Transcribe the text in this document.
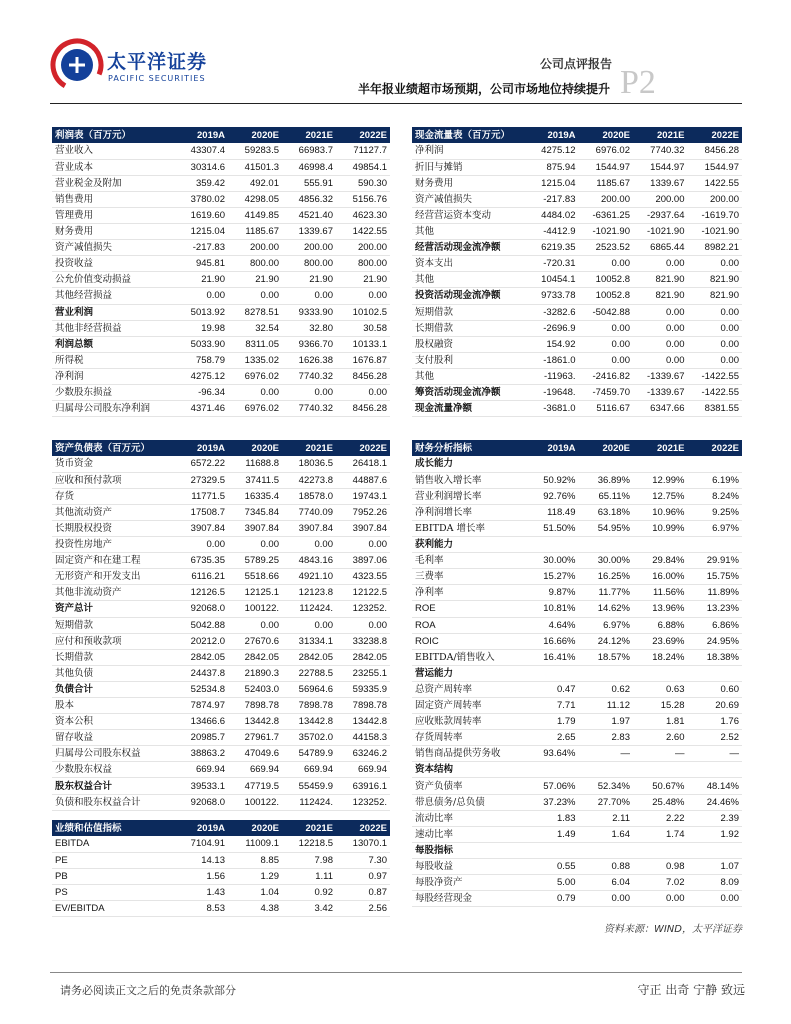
太平洋证券
PACIFIC SECURITIES
公司点评报告
半年报业绩超市场预期，公司市场地位持续提升 P2
利润表（百万元）	2019A	2020E	2021E	2022E
营业收入	43307.4	59283.5	66983.7	71127.7
营业成本	30314.6	41501.3	46998.4	49854.1
营业税金及附加	359.42	492.01	555.91	590.30
销售费用	3780.02	4298.05	4856.32	5156.76
管理费用	1619.60	4149.85	4521.40	4623.30
财务费用	1215.04	1185.67	1339.67	1422.55
资产减值损失	-217.83	200.00	200.00	200.00
投资收益	945.81	800.00	800.00	800.00
公允价值变动损益	21.90	21.90	21.90	21.90
其他经营损益	0.00	0.00	0.00	0.00
营业利润	5013.92	8278.51	9333.90	10102.5
其他非经营损益	19.98	32.54	32.80	30.58
利润总额	5033.90	8311.05	9366.70	10133.1
所得税	758.79	1335.02	1626.38	1676.87
净利润	4275.12	6976.02	7740.32	8456.28
少数股东损益	-96.34	0.00	0.00	0.00
归属母公司股东净利润	4371.46	6976.02	7740.32	8456.28
现金流量表（百万元）	2019A	2020E	2021E	2022E
净利润	4275.12	6976.02	7740.32	8456.28
折旧与摊销	875.94	1544.97	1544.97	1544.97
财务费用	1215.04	1185.67	1339.67	1422.55
资产减值损失	-217.83	200.00	200.00	200.00
经营营运资本变动	4484.02	-6361.25	-2937.64	-1619.70
其他	-4412.9	-1021.90	-1021.90	-1021.90
经营活动现金流净额	6219.35	2523.52	6865.44	8982.21
资本支出	-720.31	0.00	0.00	0.00
其他	10454.1	10052.8	821.90	821.90
投资活动现金流净额	9733.78	10052.8	821.90	821.90
短期借款	-3282.6	-5042.88	0.00	0.00
长期借款	-2696.9	0.00	0.00	0.00
股权融资	154.92	0.00	0.00	0.00
支付股利	-1861.0	0.00	0.00	0.00
其他	-11963.	-2416.82	-1339.67	-1422.55
筹资活动现金流净额	-19648.	-7459.70	-1339.67	-1422.55
现金流量净额	-3681.0	5116.67	6347.66	8381.55
资产负债表（百万元）	2019A	2020E	2021E	2022E
货币资金	6572.22	11688.8	18036.5	26418.1
应收和预付款项	27329.5	37411.5	42273.8	44887.6
存货	11771.5	16335.4	18578.0	19743.1
其他流动资产	17508.7	7345.84	7740.09	7952.26
长期股权投资	3907.84	3907.84	3907.84	3907.84
投资性房地产	0.00	0.00	0.00	0.00
固定资产和在建工程	6735.35	5789.25	4843.16	3897.06
无形资产和开发支出	6116.21	5518.66	4921.10	4323.55
其他非流动资产	12126.5	12125.1	12123.8	12122.5
资产总计	92068.0	100122.	112424.	123252.
短期借款	5042.88	0.00	0.00	0.00
应付和预收款项	20212.0	27670.6	31334.1	33238.8
长期借款	2842.05	2842.05	2842.05	2842.05
其他负债	24437.8	21890.3	22788.5	23255.1
负债合计	52534.8	52403.0	56964.6	59335.9
股本	7874.97	7898.78	7898.78	7898.78
资本公积	13466.6	13442.8	13442.8	13442.8
留存收益	20985.7	27961.7	35702.0	44158.3
归属母公司股东权益	38863.2	47049.6	54789.9	63246.2
少数股东权益	669.94	669.94	669.94	669.94
股东权益合计	39533.1	47719.5	55459.9	63916.1
负债和股东权益合计	92068.0	100122.	112424.	123252.
业绩和估值指标	2019A	2020E	2021E	2022E
EBITDA	7104.91	11009.1	12218.5	13070.1
PE	14.13	8.85	7.98	7.30
PB	1.56	1.29	1.11	0.97
PS	1.43	1.04	0.92	0.87
EV/EBITDA	8.53	4.38	3.42	2.56
财务分析指标	2019A	2020E	2021E	2022E
成长能力				
销售收入增长率	50.92%	36.89%	12.99%	6.19%
营业利润增长率	92.76%	65.11%	12.75%	8.24%
净利润增长率	118.49	63.18%	10.96%	9.25%
EBITDA 增长率	51.50%	54.95%	10.99%	6.97%
获利能力				
毛利率	30.00%	30.00%	29.84%	29.91%
三费率	15.27%	16.25%	16.00%	15.75%
净利率	9.87%	11.77%	11.56%	11.89%
ROE	10.81%	14.62%	13.96%	13.23%
ROA	4.64%	6.97%	6.88%	6.86%
ROIC	16.66%	24.12%	23.69%	24.95%
EBITDA/销售收入	16.41%	18.57%	18.24%	18.38%
营运能力				
总资产周转率	0.47	0.62	0.63	0.60
固定资产周转率	7.71	11.12	15.28	20.69
应收账款周转率	1.79	1.97	1.81	1.76
存货周转率	2.65	2.83	2.60	2.52
销售商品提供劳务收	93.64%	—	—	—
资本结构				
资产负债率	57.06%	52.34%	50.67%	48.14%
带息债务/总负债	37.23%	27.70%	25.48%	24.46%
流动比率	1.83	2.11	2.22	2.39
速动比率	1.49	1.64	1.74	1.92
每股指标				
每股收益	0.55	0.88	0.98	1.07
每股净资产	5.00	6.04	7.02	8.09
每股经营现金	0.79	0.00	0.00	0.00
资料来源：WIND，太平洋证券
请务必阅读正文之后的免责条款部分	守正 出奇 宁静 致远
